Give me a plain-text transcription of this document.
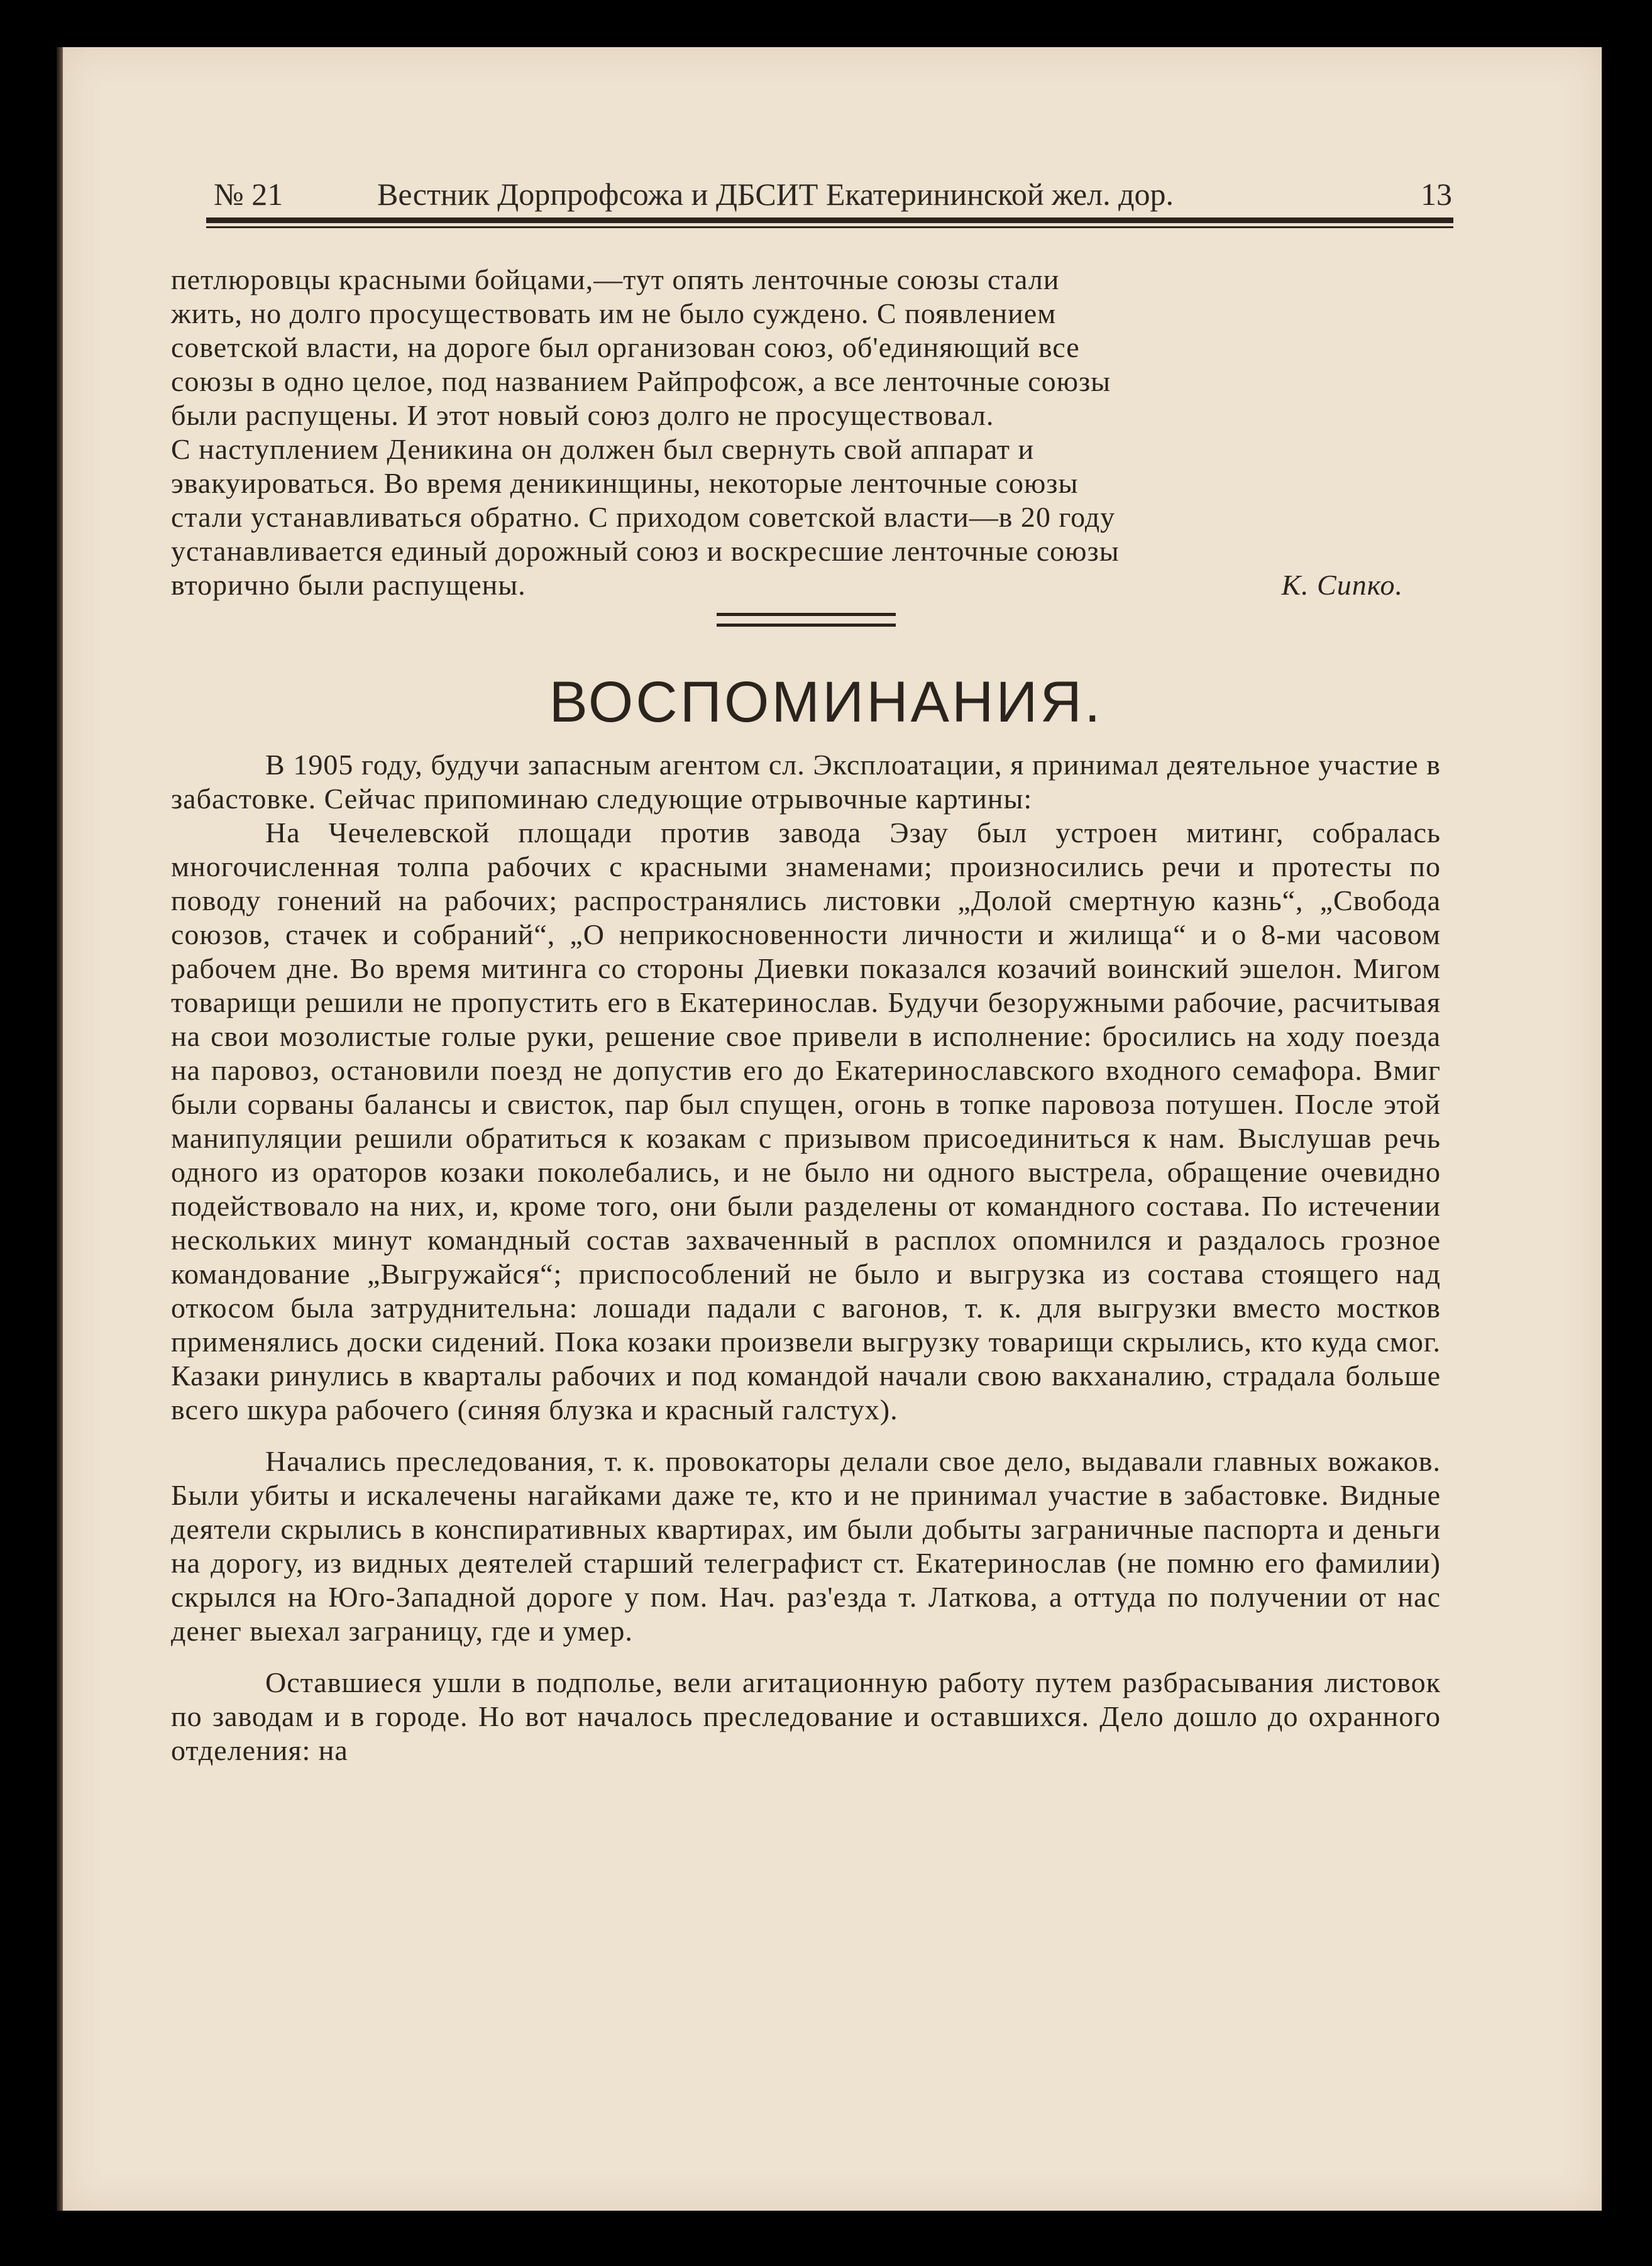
№ 21	Вестник Дорпрофсожа и ДБСИТ Екатерининской жел. дор.	13

петлюровцы красными бойцами,—тут опять ленточные союзы стали

жить, но долго просуществовать им не было суждено. С появлением

советской власти, на дороге был организован союз, об'единяющий все

союзы в одно целое, под названием Райпрофсож, а все ленточные союзы

были распущены. И этот новый союз долго не просуществовал.

С наступлением Деникина он должен был свернуть свой аппарат и

эвакуироваться. Во время деникинщины, некоторые ленточные союзы

стали устанавливаться обратно. С приходом советской власти—в 20 году

устанавливается единый дорожный союз и воскресшие ленточные союзы

вторично были распущены.	К. Сипко.
ВОСПОМИНАНИЯ.

В 1905 году, будучи запасным агентом сл. Эксплоатации, я принимал деятельное участие в забастовке. Сейчас припоминаю следующие отрывочные картины:

На Чечелевской площади против завода Эзау был устроен митинг, собралась многочисленная толпа рабочих с красными знаменами; произносились речи и протесты по поводу гонений на рабочих; распространялись листовки „Долой смертную казнь“, „Свобода союзов, стачек и собраний“, „О неприкосновенности личности и жилища“ и о 8-ми часовом рабочем дне. Во время митинга со стороны Диевки показался козачий воинский эшелон. Мигом товарищи решили не пропустить его в Екатеринослав. Будучи безоружными рабочие, расчитывая на свои мозолистые голые руки, решение свое привели в исполнение: бросились на ходу поезда на паровоз, остановили поезд не допустив его до Екатеринославского входного семафора. Вмиг были сорваны балансы и свисток, пар был спущен, огонь в топке паровоза потушен. После этой манипуляции решили обратиться к козакам с призывом присоединиться к нам. Выслушав речь одного из ораторов козаки поколебались, и не было ни одного выстрела, обращение очевидно подействовало на них, и, кроме того, они были разделены от командного состава. По истечении нескольких минут командный состав захваченный в расплох опомнился и раздалось грозное командование „Выгружайся“; приспособлений не было и выгрузка из состава стоящего над откосом была затруднительна: лошади падали с вагонов, т. к. для выгрузки вместо мостков применялись доски сидений. Пока козаки произвели выгрузку товарищи скрылись, кто куда смог. Казаки ринулись в кварталы рабочих и под командой начали свою вакханалию, страдала больше всего шкура рабочего (синяя блузка и красный галстух).

Начались преследования, т. к. провокаторы делали свое дело, выдавали главных вожаков. Были убиты и искалечены нагайками даже те, кто и не принимал участие в забастовке. Видные деятели скрылись в конспиративных квартирах, им были добыты заграничные паспорта и деньги на дорогу, из видных деятелей старший телеграфист ст. Екатеринослав (не помню его фамилии) скрылся на Юго-Западной дороге у пом. Нач. раз'езда т. Латкова, а оттуда по получении от нас денег выехал заграницу, где и умер.

Оставшиеся ушли в подполье, вели агитационную работу путем разбрасывания листовок по заводам и в городе. Но вот началось преследование и оставшихся. Дело дошло до охранного отделения: на
